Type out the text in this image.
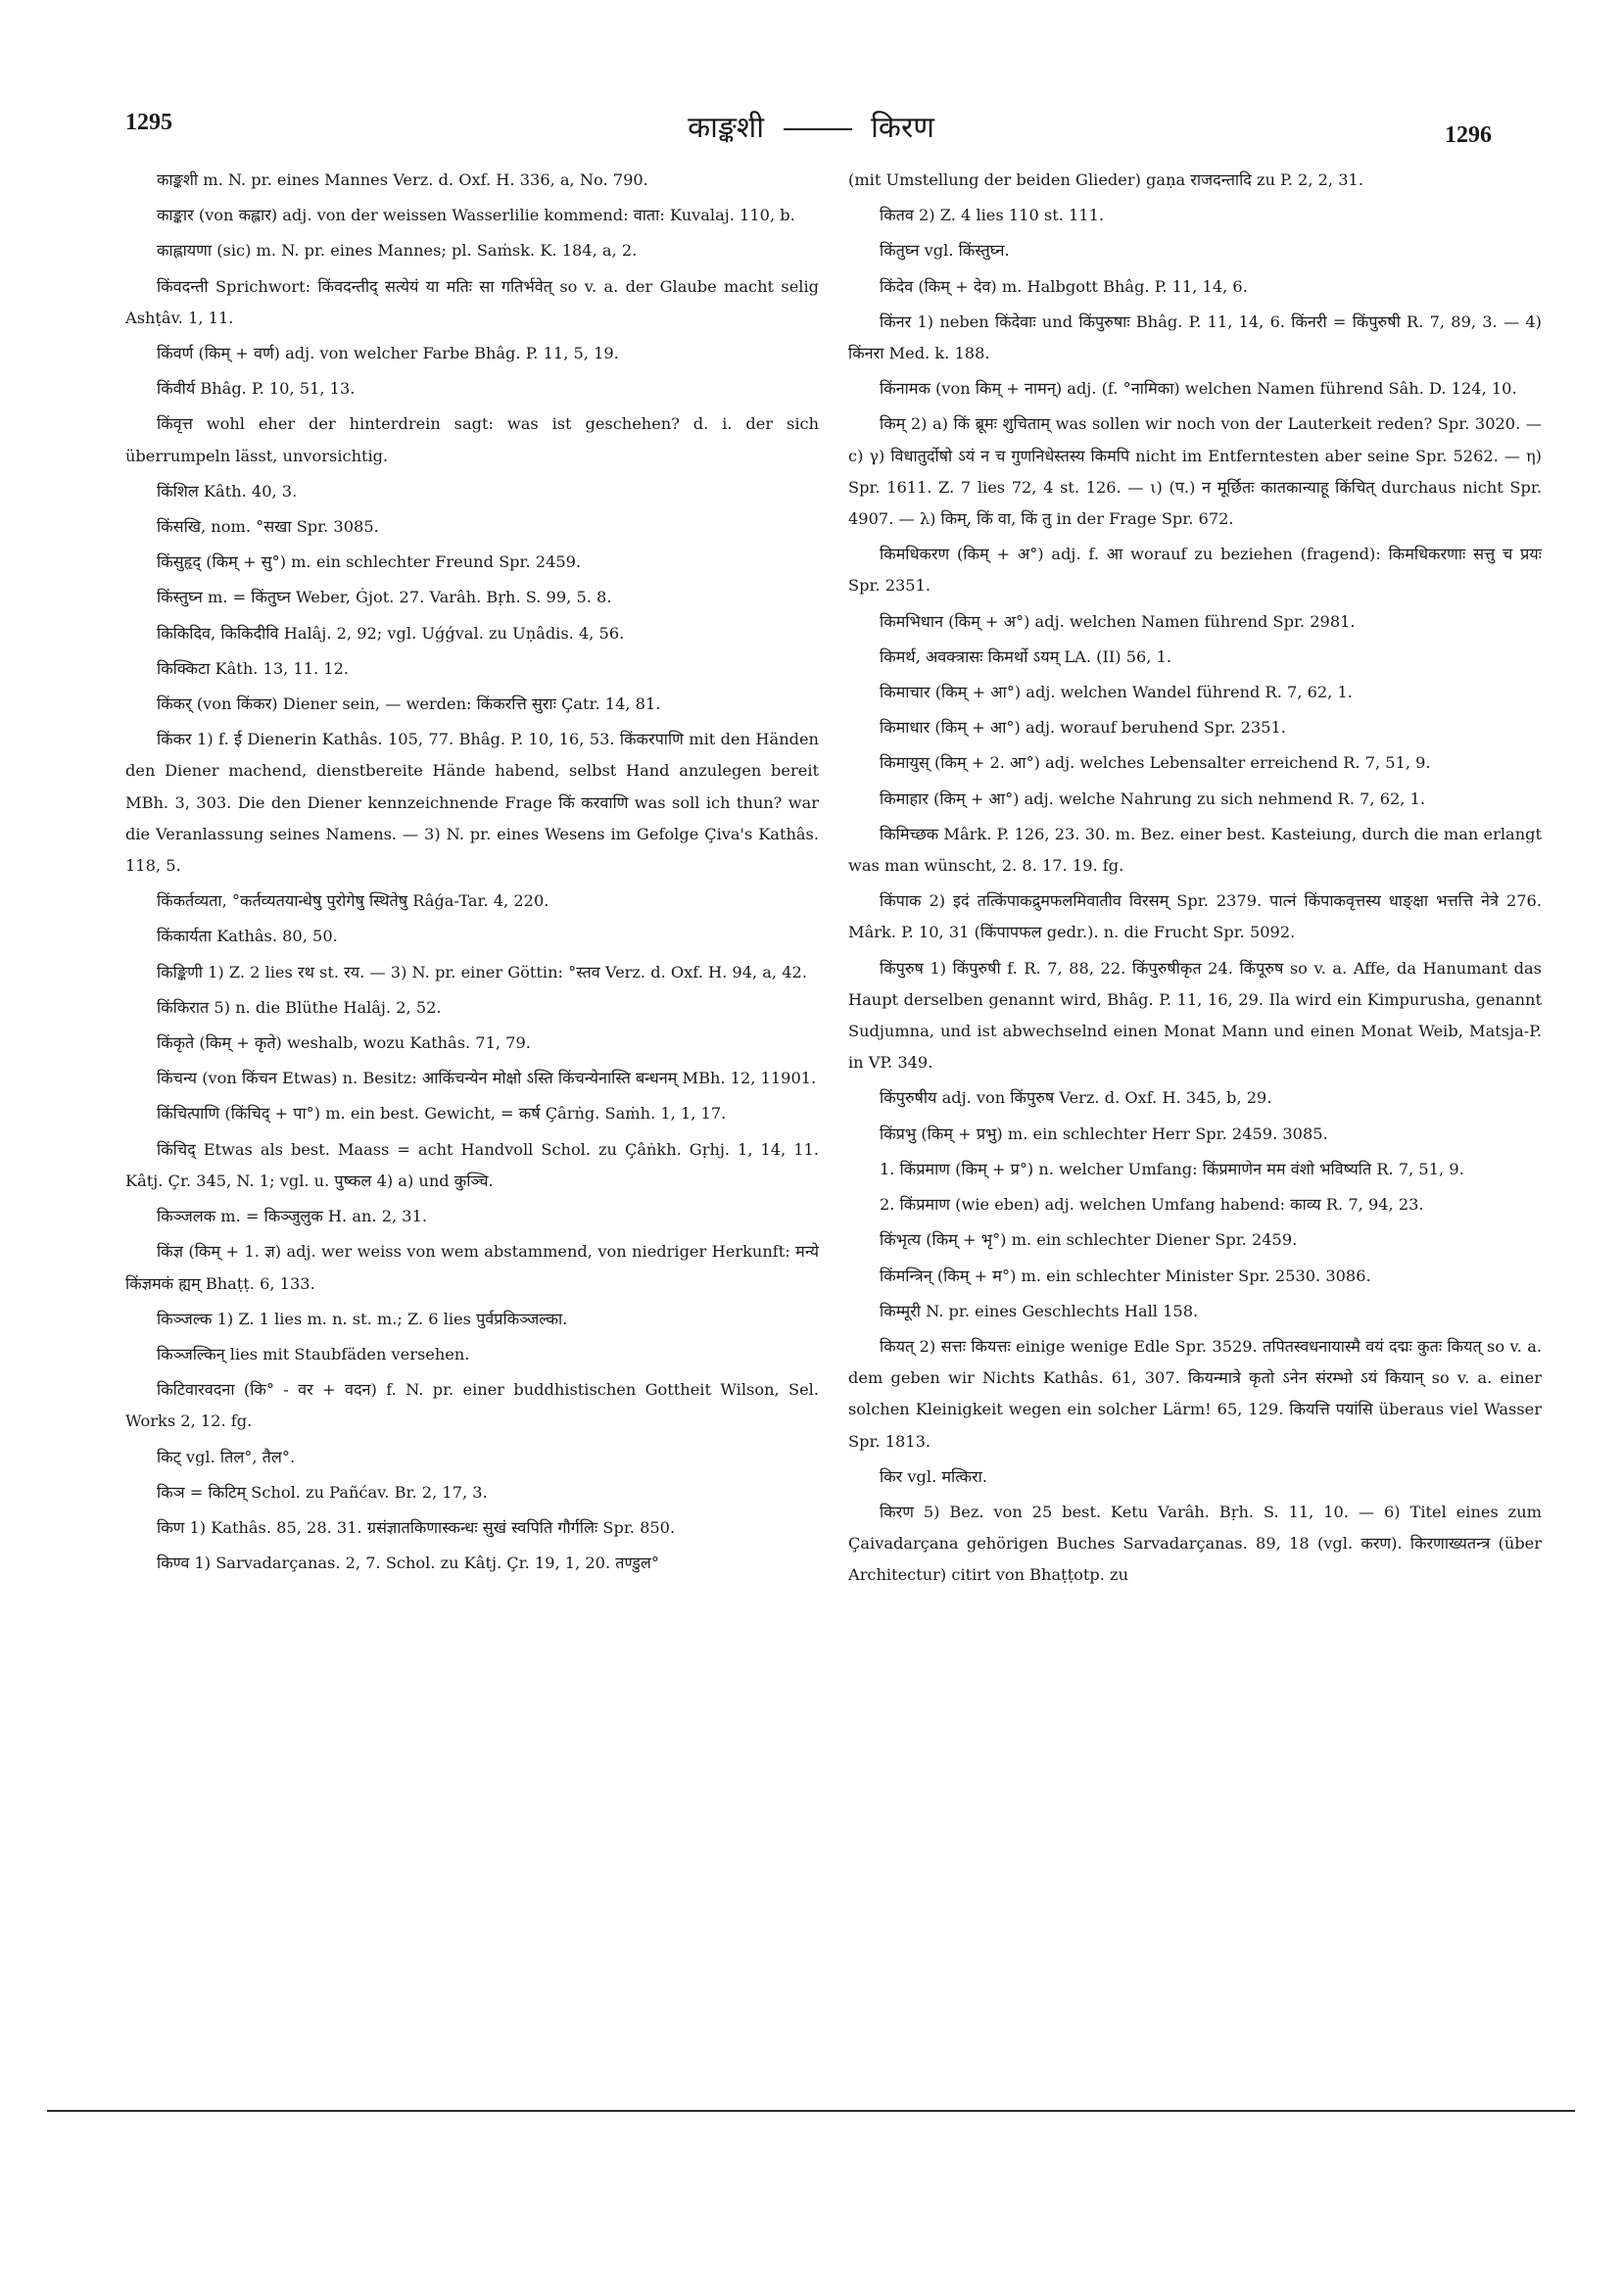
1295	काङ्कशी	किरण	1296

काङ्कशी m. N. pr. eines Mannes Verz. d. Oxf. H. 336, a, No. 790.

काङ्कार (von कह्लार) adj. von der weissen Wasserlilie kommend: वाता: Kuvalaj. 110, b.

काह्लायणा (sic) m. N. pr. eines Mannes; pl. Saṁsk. K. 184, a, 2.

किंवदन्ती Sprichwort: किंवदन्तीद् सत्येयं या मतिः सा गतिर्भवेत् so v. a. der Glaube macht selig Ashṭâv. 1, 11.

किंवर्ण (किम् + वर्ण) adj. von welcher Farbe Bhâg. P. 11, 5, 19.

किंवीर्य Bhâg. P. 10, 51, 13.

किंवृत्त wohl eher der hinterdrein sagt: was ist geschehen? d. i. der sich überrumpeln lässt, unvorsichtig.

किंशिल Kâth. 40, 3.

किंसखि, nom. °सखा Spr. 3085.

किंसुहृद् (किम् + सु°) m. ein schlechter Freund Spr. 2459.

किंस्तुघ्न m. = किंतुघ्न Weber, Ǵjot. 27. Varâh. Bṛh. S. 99, 5. 8.

किकिदिव, किकिदीवि Halâj. 2, 92; vgl. Uǵǵval. zu Uṇâdis. 4, 56.

किक्किटा Kâth. 13, 11. 12.

किंकर् (von किंकर) Diener sein, — werden: किंकरत्ति सुराः Çatr. 14, 81.

किंकर 1) f. ई Dienerin Kathâs. 105, 77. Bhâg. P. 10, 16, 53. किंकरपाणि mit den Händen den Diener machend, dienstbereite Hände habend, selbst Hand anzulegen bereit MBh. 3, 303. Die den Diener kennzeichnende Frage किं करवाणि was soll ich thun? war die Veranlassung seines Namens. — 3) N. pr. eines Wesens im Gefolge Çiva's Kathâs. 118, 5.

किंकर्तव्यता, °कर्तव्यतयान्धेषु पुरोगेषु स्थितेषु Râǵa-Tar. 4, 220.

किंकार्यता Kathâs. 80, 50.

किङ्किणी 1) Z. 2 lies रथ st. रय. — 3) N. pr. einer Göttin: °स्तव Verz. d. Oxf. H. 94, a, 42.

किंकिरात 5) n. die Blüthe Halâj. 2, 52.

किंकृते (किम् + कृते) weshalb, wozu Kathâs. 71, 79.

किंचन्य (von किंचन Etwas) n. Besitz: आकिंचन्येन मोक्षो ऽस्ति किंचन्येनास्ति बन्धनम् MBh. 12, 11901.

किंचित्पाणि (किंचिद् + पा°) m. ein best. Gewicht, = कर्ष Çârṅg. Saṁh. 1, 1, 17.

किंचिद् Etwas als best. Maass = acht Handvoll Schol. zu Çâṅkh. Gṛhj. 1, 14, 11. Kâtj. Çr. 345, N. 1; vgl. u. पुष्कल 4) a) und कुञ्चि.

किञ्जलक m. = किञ्जुलुक H. an. 2, 31.

किंज्ञ (किम् + 1. ज्ञ) adj. wer weiss von wem abstammend, von niedriger Herkunft: मन्ये किंज्ञमकं ह्यम् Bhaṭṭ. 6, 133.

किञ्जल्क 1) Z. 1 lies m. n. st. m.; Z. 6 lies पुर्वप्रकिञ्जल्का.

किञ्जल्किन् lies mit Staubfäden versehen.

किटिवारवदना (कि° - वर + वदन) f. N. pr. einer buddhistischen Gottheit Wilson, Sel. Works 2, 12. fg.

किट् vgl. तिल°, तैल°.

किञ = किटिम् Schol. zu Pañćav. Br. 2, 17, 3.

किण 1) Kathâs. 85, 28. 31. ग्रसंज्ञातकिणास्कन्धः सुखं स्वपिति गौर्गलिः Spr. 850.

किण्व 1) Sarvadarçanas. 2, 7. Schol. zu Kâtj. Çr. 19, 1, 20. तण्डुल°

(mit Umstellung der beiden Glieder) gaṇa राजदन्तादि zu P. 2, 2, 31.

कितव 2) Z. 4 lies 110 st. 111.

किंतुघ्न vgl. किंस्तुघ्न.

किंदेव (किम् + देव) m. Halbgott Bhâg. P. 11, 14, 6.

किंनर 1) neben किंदेवाः und किंपुरुषाः Bhâg. P. 11, 14, 6. किंनरी = किंपुरुषी R. 7, 89, 3. — 4) किंनरा Med. k. 188.

किंनामक (von किम् + नामन्) adj. (f. °नामिका) welchen Namen führend Sâh. D. 124, 10.

किम् 2) a) किं ब्रूमः शुचिताम् was sollen wir noch von der Lauterkeit reden? Spr. 3020. — c) γ) विधातुर्दोषो ऽयं न च गुणनिधेस्तस्य किमपि nicht im Entferntesten aber seine Spr. 5262. — η) Spr. 1611. Z. 7 lies 72, 4 st. 126. — ι) (प.) न मूर्छितः कातकान्याहू किंचित् durchaus nicht Spr. 4907. — λ) किम्, किं वा, किं तु in der Frage Spr. 672.

किमधिकरण (किम् + अ°) adj. f. आ worauf zu beziehen (fragend): किमधिकरणाः सत्तु च प्रयः Spr. 2351.

किमभिधान (किम् + अ°) adj. welchen Namen führend Spr. 2981.

किमर्थ, अवक्त्रासः किमर्थो ऽयम् LA. (II) 56, 1.

किमाचार (किम् + आ°) adj. welchen Wandel führend R. 7, 62, 1.

किमाधार (किम् + आ°) adj. worauf beruhend Spr. 2351.

किमायुस् (किम् + 2. आ°) adj. welches Lebensalter erreichend R. 7, 51, 9.

किमाहार (किम् + आ°) adj. welche Nahrung zu sich nehmend R. 7, 62, 1.

किमिच्छक Mârk. P. 126, 23. 30. m. Bez. einer best. Kasteiung, durch die man erlangt was man wünscht, 2. 8. 17. 19. fg.

किंपाक 2) इदं तत्किंपाकद्रुमफलमिवातीव विरसम् Spr. 2379. पात्नं किंपाकवृत्तस्य धाङ्क्षा भत्तत्ति नेत्रे 276. Mârk. P. 10, 31 (किंपापफल gedr.). n. die Frucht Spr. 5092.

किंपुरुष 1) किंपुरुषी f. R. 7, 88, 22. किंपुरुषीकृत 24. किंपूरुष so v. a. Affe, da Hanumant das Haupt derselben genannt wird, Bhâg. P. 11, 16, 29. Ila wird ein Kimpurusha, genannt Sudjumna, und ist abwechselnd einen Monat Mann und einen Monat Weib, Matsja-P. in VP. 349.

किंपुरुषीय adj. von किंपुरुष Verz. d. Oxf. H. 345, b, 29.

किंप्रभु (किम् + प्रभु) m. ein schlechter Herr Spr. 2459. 3085.

1. किंप्रमाण (किम् + प्र°) n. welcher Umfang: किंप्रमाणेन मम वंशो भविष्यति R. 7, 51, 9.

2. किंप्रमाण (wie eben) adj. welchen Umfang habend: काव्य R. 7, 94, 23.

किंभृत्य (किम् + भृ°) m. ein schlechter Diener Spr. 2459.

किंमन्त्रिन् (किम् + म°) m. ein schlechter Minister Spr. 2530. 3086.

किम्मूरी N. pr. eines Geschlechts Hall 158.

कियत् 2) सत्तः कियत्तः einige wenige Edle Spr. 3529. तपितस्वधनायास्मै वयं दद्मः कुतः कियत् so v. a. dem geben wir Nichts Kathâs. 61, 307. कियन्मात्रे कृतो ऽनेन संरम्भो ऽयं कियान् so v. a. einer solchen Kleinigkeit wegen ein solcher Lärm! 65, 129. कियत्ति पयांसि überaus viel Wasser Spr. 1813.

किर vgl. मत्किरा.

किरण 5) Bez. von 25 best. Ketu Varâh. Bṛh. S. 11, 10. — 6) Titel eines zum Çaivadarçana gehörigen Buches Sarvadarçanas. 89, 18 (vgl. करण). किरणाख्यतन्त्र (über Architectur) citirt von Bhaṭṭotp. zu
